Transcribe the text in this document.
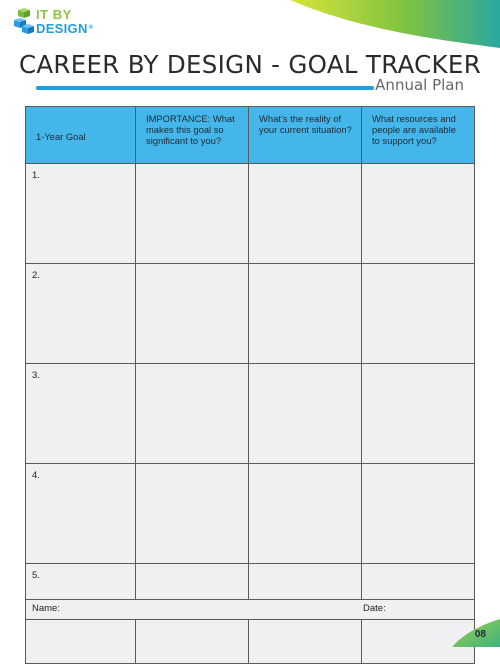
IT BY
DESIGN®
CAREER BY DESIGN - GOAL TRACKER
Annual Plan
1-Year Goal	IMPORTANCE: What makes this goal so significant to you?	What’s the reality of your current situation?	What resources and people are available to support you?
1.			
2.			
3.			
4.			
5.			
Name:	Date:
08
